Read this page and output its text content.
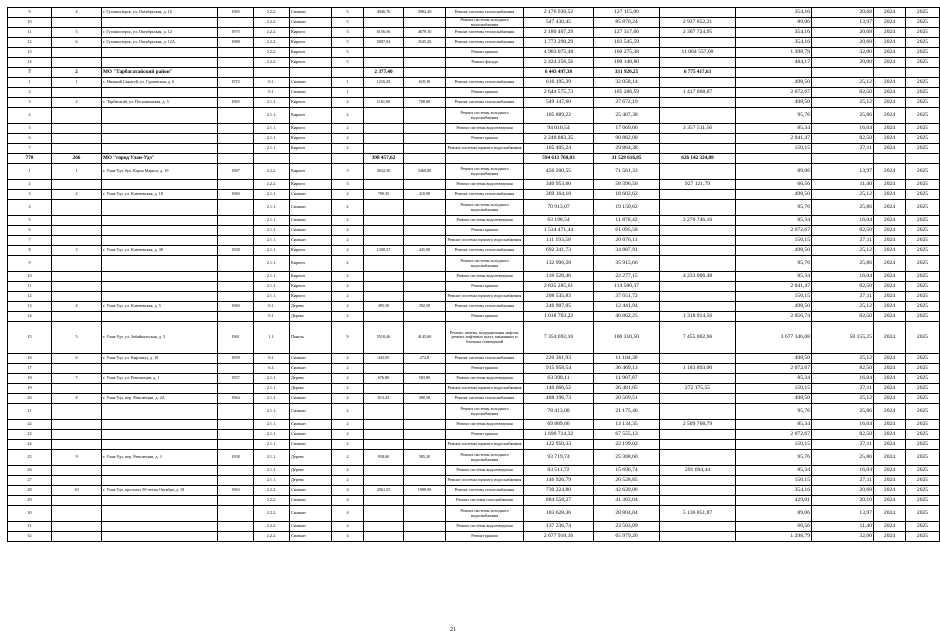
9	4	г. Гусиноозерск, ул. Октябрьская, д. 10	1985	2.2.2.	Силикат	5	4946,76	3982,20	Ремонт системы теплоснабжения	2 176 936,52	127 115,00		354,16	20,68	2024	2025
10				2.2.2.	Силикат	5			Ремонт системы холодного водоснабжения	547 430,45	85 870,24	2 937 852,21	89,06	13,97	2024	2025
11	5	г. Гусиноозерск, ул. Октябрьская, д. 12	1975	2.2.2.	Кирпич	5	6156,56	4679,10	Ремонт системы теплоснабжения	2 180 407,29	127 317,66	2 307 724,95	354,16	20,68	2024	2025
12	6	г. Гусиноозерск, ул. Октябрьская, д. 12А	1988	2.2.2.	Кирпич	5	5007,04	3545,20	Ремонт системы теплоснабжения	1 773 290,29	103 545,59		354,16	20,68	2024	2025
13				2.2.2.	Кирпич	5			Ремонт крыши	4 903 075,48	160 275,38	11 064 557,00	1 398,79	32,00	2024	2025
14				2.2.2.	Кирпич	5			Ремонт фасада	2 424 256,56	100 140,80		484,17	20,00	2024	2025
7	2	МО "Тарбагатайский район"					2 377,40			6 443 497,38	331 920,25	6 775 417,63				
1	1	с. Нижний Саянтуй, ул. Гурьевская, д. 6	1972	6.1.	Силикат	1	1216,29	618,10	Ремонт системы теплоснабжения	616 195,39	32 058,14		498,50	25,12	2024	2025
2				6.1.	Силикат	1			Ремонт крыши	2 644 575,73	105 286,59	1 417 068,07	2 072,67	82,50	2024	2025
3	2	с. Тарбагатай, ул. Посконинская, д. 5	1965	2.1.1.	Кирпич	2	1161,00	708,80	Ремонт системы теплоснабжения	549 147,60	27 672,19		498,50	25,12	2024	2025
4				2.1.1.	Кирпич	2			Ремонт системы холодного водоснабжения	105 889,22	25 487,38		95,76	25,86	2024	2025
5				2.1.1.	Кирпич	2			Ремонт системы водоотведения	94 010,54	17 669,66	3 357 511,56	85,34	16,04	2024	2025
6				2.1.1.	Кирпич	2			Ремонт крыши	2 248 883,35	90 882,00		2 041,47	82,50	2024	2025
7				2.1.1.	Кирпич	2			Ремонт системы горячего водоснабжения	165 405,24	29 864,38		150,15	27,11	2024	2025
778	266	МО "город Улан-Удэ"					398 457,62			594 613 768,03	31 528 616,85	626 142 324,88				
1	1	г. Улан-Удэ, бул. Карла Маркса, д. 19	1967	2.2.2.	Кирпич	5	3632,50	3460,00	Ремонт системы холодного водоснабжения	456 200,55	71 561,33		89,06	13,97	2024	2025
2				2.2.2.	Кирпич	5			Ремонт системы водоотведения	340 953,60	58 396,50	927 121,79	66,56	11,40	2024	2025
3	2	г. Улан-Удэ, ул. Ключевская, д. 18	1960	2.1.1.	Силикат	2	790,35	410,90	Ремонт системы теплоснабжения	369 164,18	18 602,62		498,50	25,12	2024	2025
4				2.1.1.	Силикат	2			Ремонт системы холодного водоснабжения	70 913,07	19 150,62		95,76	25,86	2024	2025
5				2.1.1.	Силикат	2			Ремонт системы водоотведения	63 198,54	11 878,42	2 270 746,16	85,34	16,04	2024	2025
6				2.1.1.	Силикат	2			Ремонт крыши	1 534 471,44	61 095,58		2 072,67	82,50	2024	2025
7				2.1.1.	Силикат	2			Ремонт системы горячего водоснабжения	111 193,58	20 076,11		150,15	27,11	2024	2025
8	3	г. Улан-Удэ, ул. Ключевская, д. 38	1958	2.1.1.	Кирпич	2	1308,37	445,90	Ремонт системы теплоснабжения	692 341,73	34 887,91		498,50	25,12	2024	2025
9				2.1.1.	Кирпич	2			Ремонт системы холодного водоснабжения	132 996,28	35 915,66		95,76	25,86	2024	2025
10				2.1.1.	Кирпич	2			Ремонт системы водоотведения	118 528,46	22 277,15	4 233 006,48	85,34	16,04	2024	2025
11				2.1.1.	Кирпич	2			Ремонт крыши	2 835 285,61	114 580,37		2 041,47	82,50	2024	2025
12				2.1.1.	Кирпич	2			Ремонт системы горячего водоснабжения	208 535,83	37 651,72		150,15	27,11	2024	2025
13	4	г. Улан-Удэ, ул. Ключевская, д. 5	1960	6.1.	Дерево	2	495,50	392,50	Ремонт системы теплоснабжения	246 907,05	12 441,94		498,50	25,12	2024	2025
14				6.1.	Дерево	2			Ремонт крыши	1 018 703,22	40 862,25	1 318 914,56	2 056,74	82,50	2024	2025
15	5	г. Улан-Удэ, ул. Забайкальская, д. 3	1961	1.1.	Панель	9	5518,46	4145,60	Ремонт, замена, модернизация лифтов, ремонт лифтовых шахт, машинных и блочных помещений	7 354 692,16	100 310,50	7 455 002,66	3 677 346,08	50 155,25	2024	2025
16	6	г. Улан-Удэ, ул. Кирзавод, д. 10	1959	6.1.	Силикат	2	443,05	272,8	Ремонт системы теплоснабжения	220 361,93	11 104,30		498,50	25,12	2024	2025
17				6.1.	Силикат	2			Ремонт крыши	915 958,54	36 469,13	1 183 893,90	2 072,67	82,50	2024	2025
18	7	г. Улан-Удэ, ул. Революции, д. 1	1957	2.1.1.	Дерево	2	676,80	583,80	Ремонт системы водоотведения	63 398,11	11 907,87		85,34	16,04	2024	2025
19				2.1.1.	Дерево	2			Ремонт системы горячего водоснабжения	146 666,52	26 481,05	272 175,55	150,15	27,11	2024	2025
20	8	г. Улан-Удэ, пер. Революции, д. 2А	1964	2.1.1.	Силикат	2	813,43	490,50	Ремонт системы теплоснабжения	408 196,73	20 569,51		498,50	25,12	2024	2025
21				2.1.1.	Силикат	2			Ремонт системы холодного водоснабжения	78 413,08	21 175,46		95,76	25,86	2024	2025
22				2.1.1.	Силикат	2			Ремонт системы водоотведения	69 889,66	13 134,35	2 509 768,79	85,34	16,04	2024	2025
23				2.1.1.	Силикат	2			Ремонт крыши	1 696 714,32	67 555,13		2 072,67	82,50	2024	2025
24				2.1.1.	Силикат	2			Ремонт системы горячего водоснабжения	122 950,33	22 199,02		150,15	27,11	2024	2025
25	9	г. Улан-Удэ, пер. Революции, д. 3	1958	2.1.1.	Дерево	2	958,60	585,20	Ремонт системы холодного водоснабжения	93 719,74	25 308,60		95,76	25,86	2024	2025
26				2.1.1.	Дерево	2			Ремонт системы водоотведения	83 511,72	15 696,74	291 694,44	85,34	16,04	2024	2025
27				2.1.1.	Дерево	2			Ремонт системы горячего водоснабжения	146 926,79	26 528,85		150,15	27,11	2024	2025
28	10	г. Улан-Удэ, проспект 50-летия Октября, д. 18	1963	2.2.2.	Силикат	4	2961,55	1988,90	Ремонт системы теплоснабжения	730 224,80	42 639,06		354,16	20,68	2024	2025
29				2.2.2.	Силикат	4			Ремонт системы газоснабжения	884 558,27	41 303,04		429,01	20,10	2024	2025
30				2.2.2.	Силикат	4			Ремонт системы холодного водоснабжения	183 628,36	28 804,04	5 136 851,87	89,06	13,97	2024	2025
31				2.2.2.	Силикат	4			Ремонт системы водоотведения	137 236,74	23 503,09		66,56	11,40	2024	2025
32				2.2.2.	Силикат	4			Ремонт крыши	2 677 910,16	65 979,20		1 298,79	32,00	2024	2025
21
